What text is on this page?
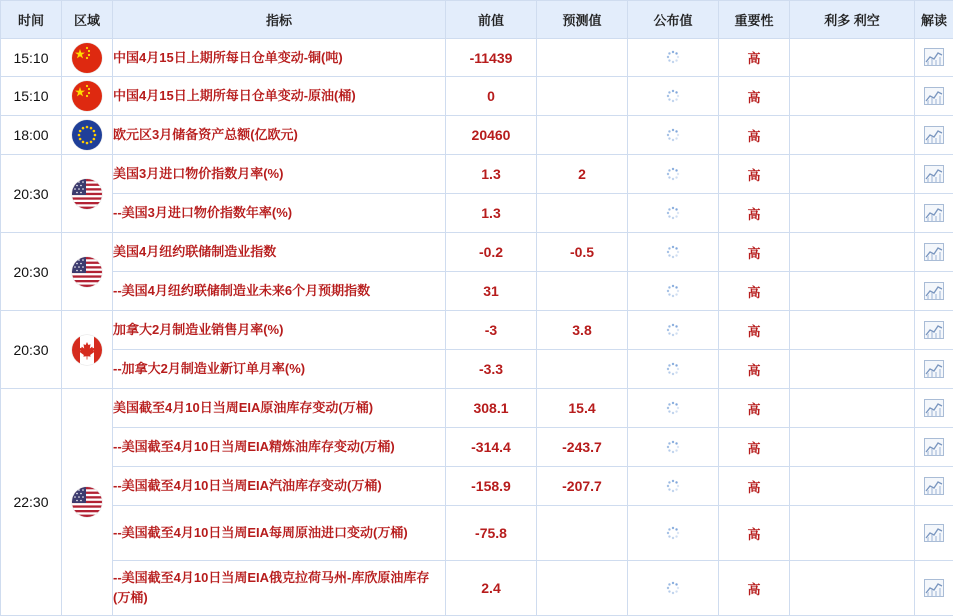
时间	区域	指标	前值	预测值	公布值	重要性	利多 利空	解读
15:10		中国4月15日上期所每日仓单变动-铜(吨)	-11439			高		
15:10		中国4月15日上期所每日仓单变动-原油(桶)	0			高		
18:00		欧元区3月储备资产总额(亿欧元)	20460			高		
20:30		美国3月进口物价指数月率(%)	1.3	2		高		
		--美国3月进口物价指数年率(%)	1.3			高		
20:30		美国4月纽约联储制造业指数	-0.2	-0.5		高		
		--美国4月纽约联储制造业未来6个月预期指数	31			高		
20:30		加拿大2月制造业销售月率(%)	-3	3.8		高		
		--加拿大2月制造业新订单月率(%)	-3.3			高		
22:30		美国截至4月10日当周EIA原油库存变动(万桶)	308.1	15.4		高		
		--美国截至4月10日当周EIA精炼油库存变动(万桶)	-314.4	-243.7		高		
		--美国截至4月10日当周EIA汽油库存变动(万桶)	-158.9	-207.7		高		
		--美国截至4月10日当周EIA每周原油进口变动(万桶)	-75.8			高		
		--美国截至4月10日当周EIA俄克拉荷马州-库欣原油库存(万桶)	2.4			高		
